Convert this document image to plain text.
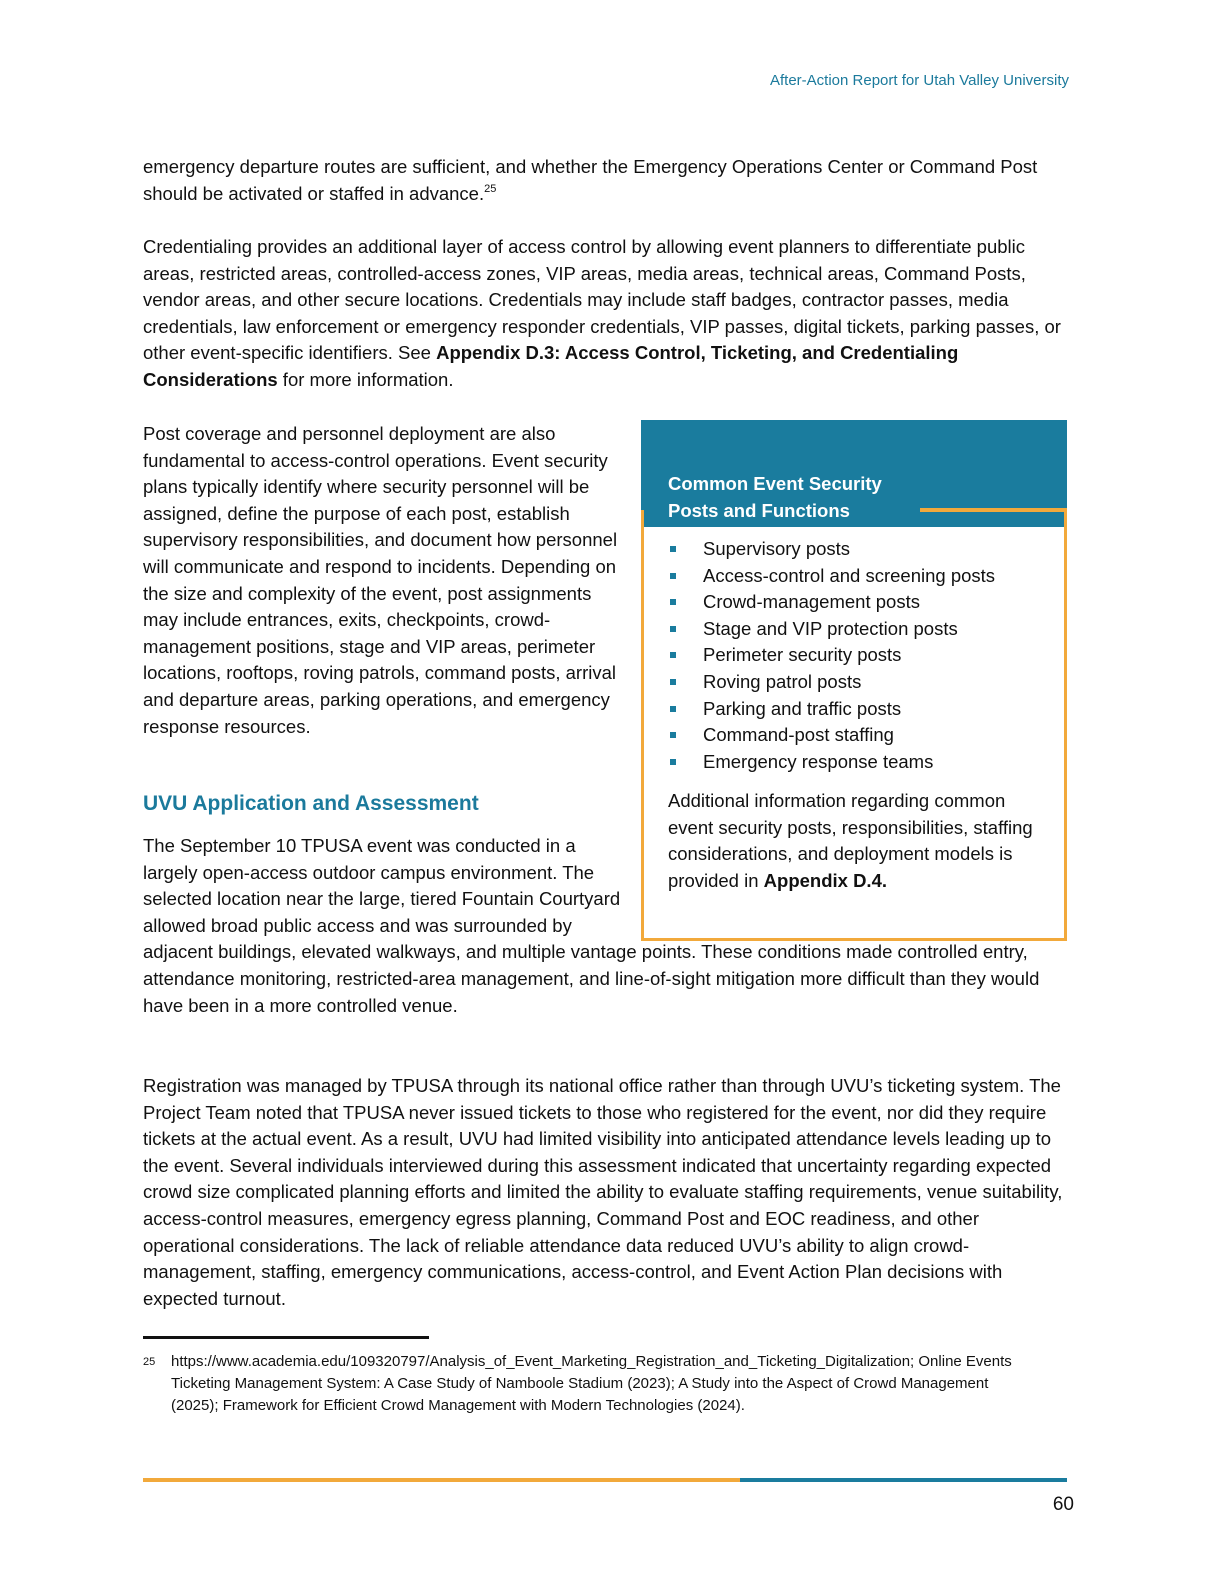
After-Action Report for Utah Valley University

emergency departure routes are sufficient, and whether the Emergency Operations Center or Command Post should be activated or staffed in advance.$^{25}$

Credentialing provides an additional layer of access control by allowing event planners to differentiate public areas, restricted areas, controlled-access zones, VIP areas, media areas, technical areas, Command Posts, vendor areas, and other secure locations. Credentials may include staff badges, contractor passes, media credentials, law enforcement or emergency responder credentials, VIP passes, digital tickets, parking passes, or other event-specific identifiers. See Appendix D.3: Access Control, Ticketing, and Credentialing Considerations for more information.

Post coverage and personnel deployment are also fundamental to access-control operations. Event security plans typically identify where security personnel will be assigned, define the purpose of each post, establish supervisory responsibilities, and document how personnel will communicate and respond to incidents. Depending on the size and complexity of the event, post assignments may include entrances, exits, checkpoints, crowd-management positions, stage and VIP areas, perimeter locations, rooftops, roving patrols, command posts, arrival and departure areas, parking operations, and emergency response resources.

Common Event Security
Posts and Functions

Supervisory posts
Access-control and screening posts
Crowd-management posts
Stage and VIP protection posts
Perimeter security posts
Roving patrol posts
Parking and traffic posts
Command-post staffing
Emergency response teams

Additional information regarding common event security posts, responsibilities, staffing considerations, and deployment models is provided in Appendix D.4.

UVU Application and Assessment

The September 10 TPUSA event was conducted in a largely open-access outdoor campus environment. The selected location near the large, tiered Fountain Courtyard allowed broad public access and was surrounded by adjacent buildings, elevated walkways, and multiple vantage points. These conditions made controlled entry, attendance monitoring, restricted-area management, and line-of-sight mitigation more difficult than they would have been in a more controlled venue.

Registration was managed by TPUSA through its national office rather than through UVU’s ticketing system. The Project Team noted that TPUSA never issued tickets to those who registered for the event, nor did they require tickets at the actual event. As a result, UVU had limited visibility into anticipated attendance levels leading up to the event. Several individuals interviewed during this assessment indicated that uncertainty regarding expected crowd size complicated planning efforts and limited the ability to evaluate staffing requirements, venue suitability, access-control measures, emergency egress planning, Command Post and EOC readiness, and other operational considerations. The lack of reliable attendance data reduced UVU’s ability to align crowd-management, staffing, emergency communications, access-control, and Event Action Plan decisions with expected turnout.

25 https://www.academia.edu/109320797/Analysis_of_Event_Marketing_Registration_and_Ticketing_Digitalization; Online Events Ticketing Management System: A Case Study of Namboole Stadium (2023); A Study into the Aspect of Crowd Management (2025); Framework for Efficient Crowd Management with Modern Technologies (2024).
60
